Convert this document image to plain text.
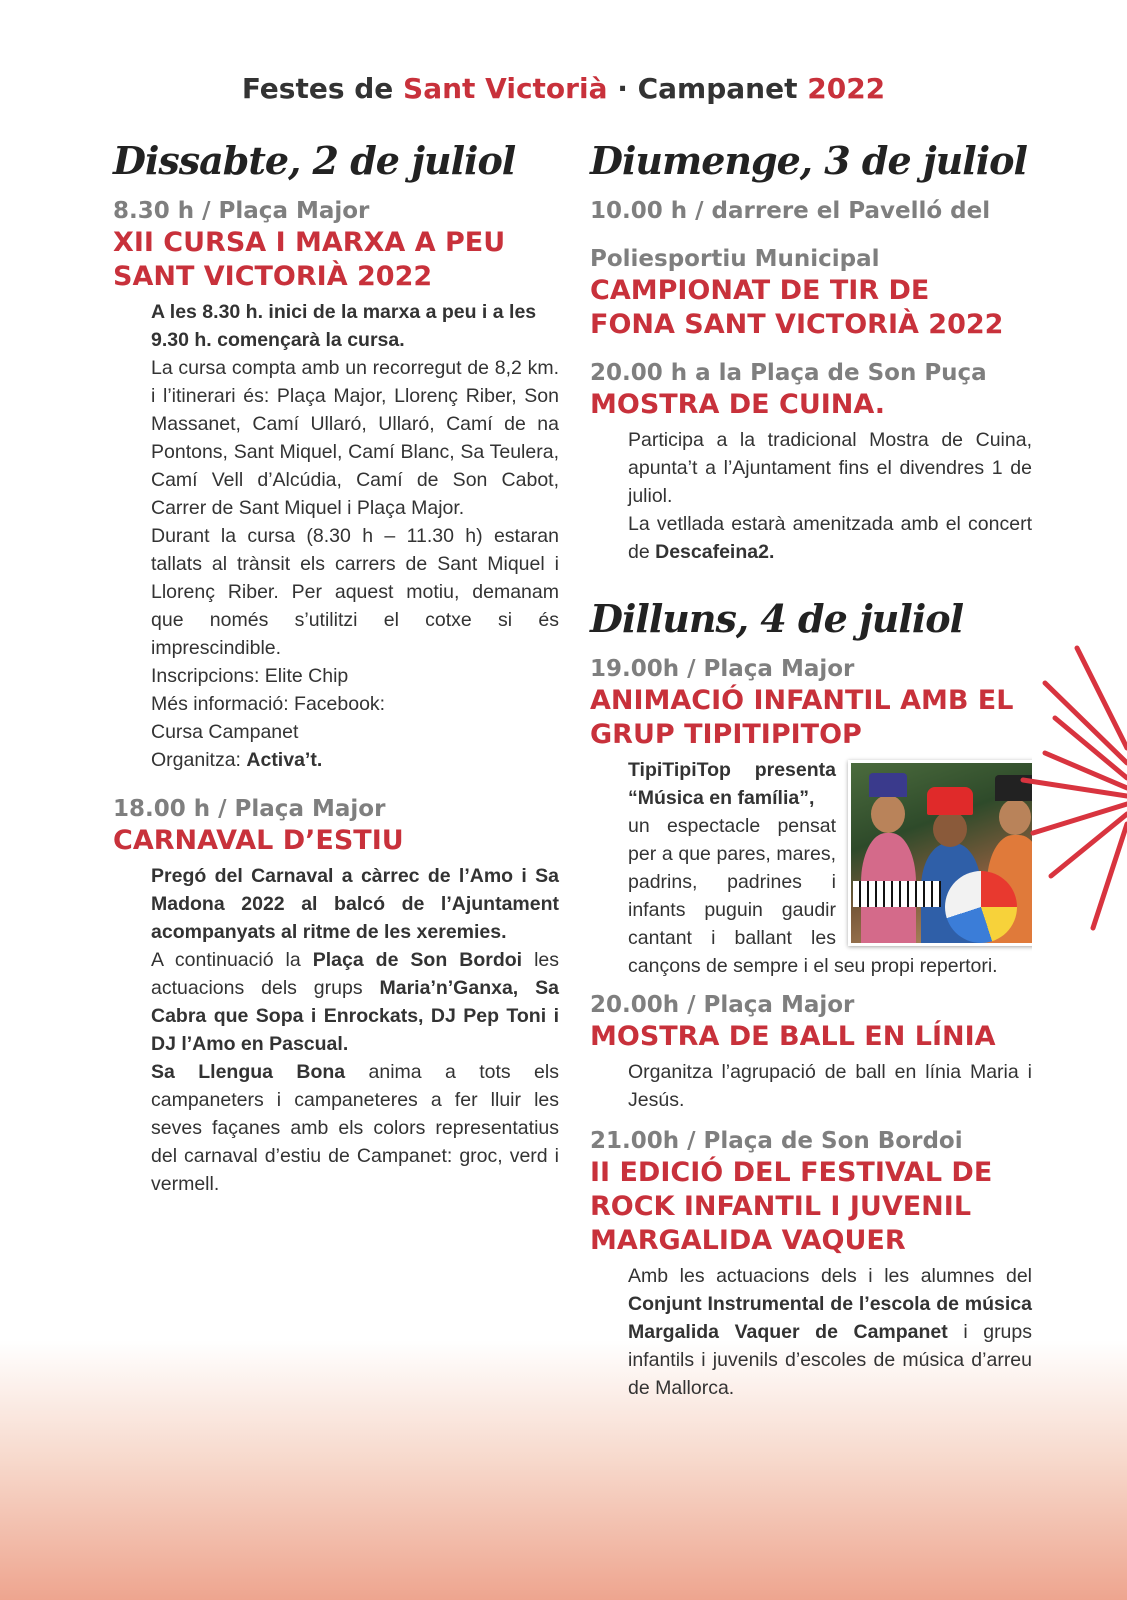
Festes de Sant Victorià · Campanet 2022
Dissabte, 2 de juliol
8.30 h / Plaça Major
XII CURSA I MARXA A PEU
SANT VICTORIÀ 2022

A les 8.30 h. inici de la marxa a peu i a les 9.30 h. començarà la cursa.

La cursa compta amb un recorregut de 8,2 km. i l’itinerari és: Plaça Major, Llorenç Riber, Son Massanet, Camí Ullaró, Ullaró, Camí de na Pontons, Sant Miquel, Camí Blanc, Sa Teulera, Camí Vell d’Alcúdia, Camí de Son Cabot, Carrer de Sant Miquel i Plaça Major.

Durant la cursa (8.30 h – 11.30 h) estaran tallats al trànsit els carrers de Sant Miquel i Llorenç Riber. Per aquest motiu, demanam que només s’utilitzi el cotxe si és imprescindible.

Inscripcions: Elite Chip

Més informació: Facebook:

Cursa Campanet

Organitza: Activa’t.

18.00 h / Plaça Major
CARNAVAL D’ESTIU

Pregó del Carnaval a càrrec de l’Amo i Sa Madona 2022 al balcó de l’Ajuntament acompanyats al ritme de les xeremies.

A continuació la Plaça de Son Bordoi les actuacions dels grups Maria’n’Ganxa, Sa Cabra que Sopa i Enrockats, DJ Pep Toni i DJ l’Amo en Pascual.

Sa Llengua Bona anima a tots els campaneters i campaneteres a fer lluir les seves façanes amb els colors representatius del carnaval d’estiu de Campanet: groc, verd i vermell.

Diumenge, 3 de juliol
10.00 h / darrere el Pavelló del
Poliesportiu Municipal
CAMPIONAT DE TIR DE
FONA SANT VICTORIÀ 2022
20.00 h a la Plaça de Son Puça
MOSTRA DE CUINA.

Participa a la tradicional Mostra de Cuina, apunta’t a l’Ajuntament fins el divendres 1 de juliol.

La vetllada estarà amenitzada amb el concert de Descafeina2.

Dilluns, 4 de juliol
19.00h / Plaça Major
ANIMACIÓ INFANTIL AMB EL
GRUP TIPITIPITOP

TipiTipiTop presenta “Música en família”,

un espectacle pensat per a que pares, mares, padrins, padrines i infants puguin gaudir cantant i ballant les cançons de sempre i el seu propi repertori.

20.00h / Plaça Major
MOSTRA DE BALL EN LÍNIA

Organitza l’agrupació de ball en línia Maria i Jesús.

21.00h / Plaça de Son Bordoi
II EDICIÓ DEL FESTIVAL DE
ROCK INFANTIL I JUVENIL
MARGALIDA VAQUER

Amb les actuacions dels i les alumnes del Conjunt Instrumental de l’escola de música Margalida Vaquer de Campanet i grups infantils i juvenils d’escoles de música d’arreu de Mallorca.
